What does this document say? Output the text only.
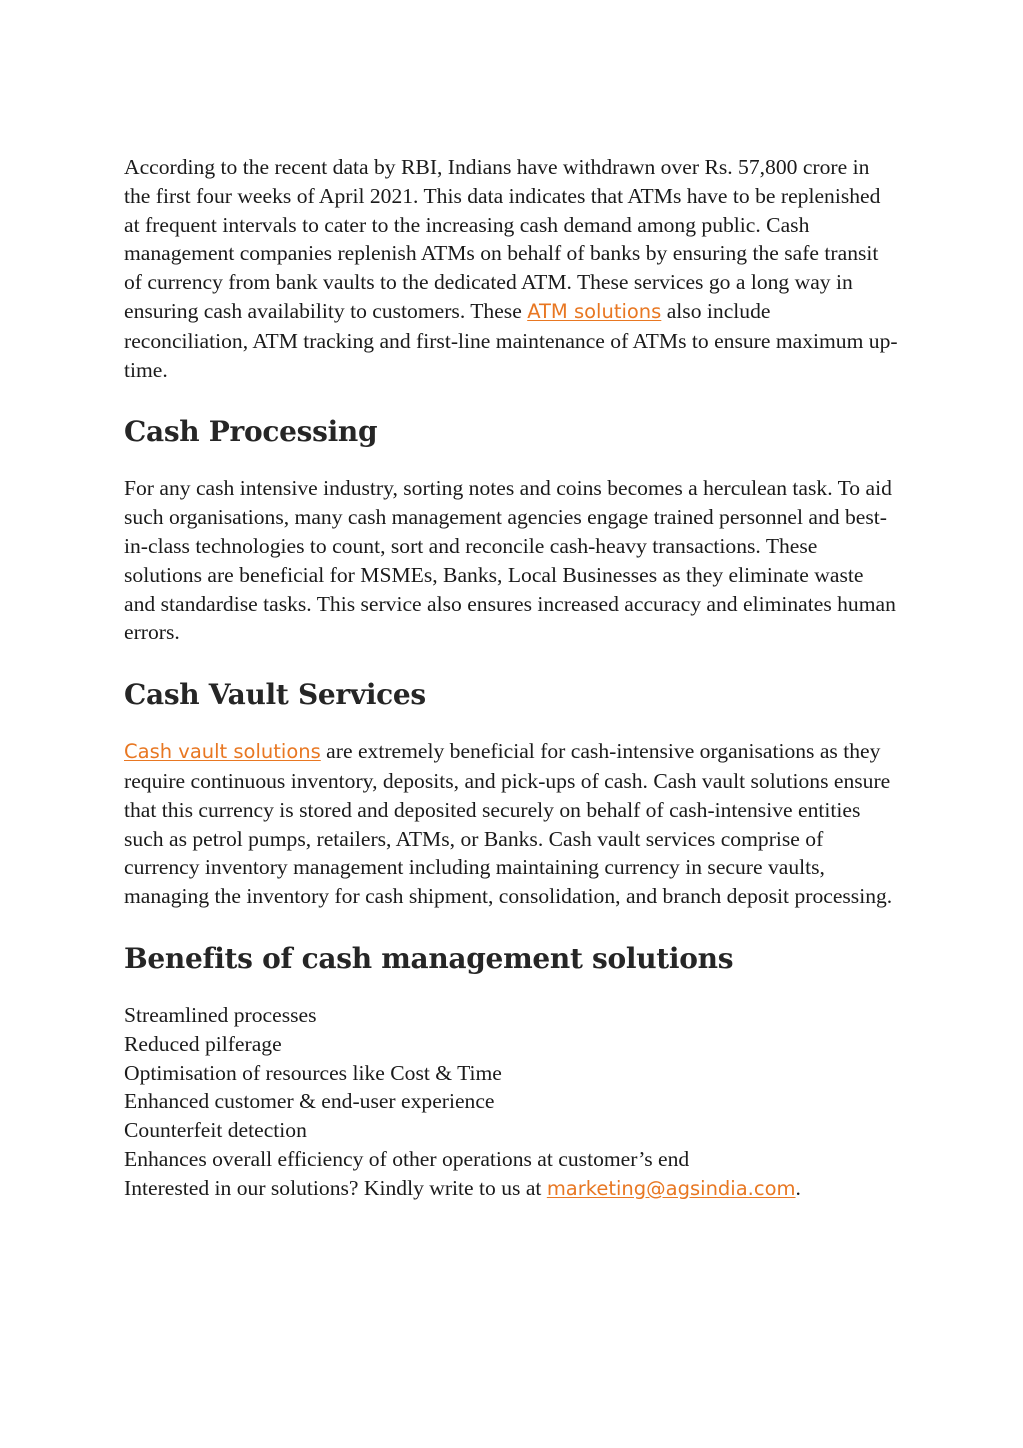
According to the recent data by RBI, Indians have withdrawn over Rs. 57,800 crore in the first four weeks of April 2021. This data indicates that ATMs have to be replenished at frequent intervals to cater to the increasing cash demand among public. Cash management companies replenish ATMs on behalf of banks by ensuring the safe transit of currency from bank vaults to the dedicated ATM. These services go a long way in ensuring cash availability to customers. These ATM solutions also include reconciliation, ATM tracking and first-line maintenance of ATMs to ensure maximum up-time.

Cash Processing

For any cash intensive industry, sorting notes and coins becomes a herculean task. To aid such organisations, many cash management agencies engage trained personnel and best-in-class technologies to count, sort and reconcile cash-heavy transactions. These solutions are beneficial for MSMEs, Banks, Local Businesses as they eliminate waste and standardise tasks. This service also ensures increased accuracy and eliminates human errors.

Cash Vault Services

Cash vault solutions are extremely beneficial for cash-intensive organisations as they require continuous inventory, deposits, and pick-ups of cash. Cash vault solutions ensure that this currency is stored and deposited securely on behalf of cash-intensive entities such as petrol pumps, retailers, ATMs, or Banks. Cash vault services comprise of currency inventory management including maintaining currency in secure vaults, managing the inventory for cash shipment, consolidation, and branch deposit processing.

Benefits of cash management solutions
Streamlined processes
Reduced pilferage
Optimisation of resources like Cost & Time
Enhanced customer & end-user experience
Counterfeit detection
Enhances overall efficiency of other operations at customer’s end

Interested in our solutions? Kindly write to us at marketing@agsindia.com.
